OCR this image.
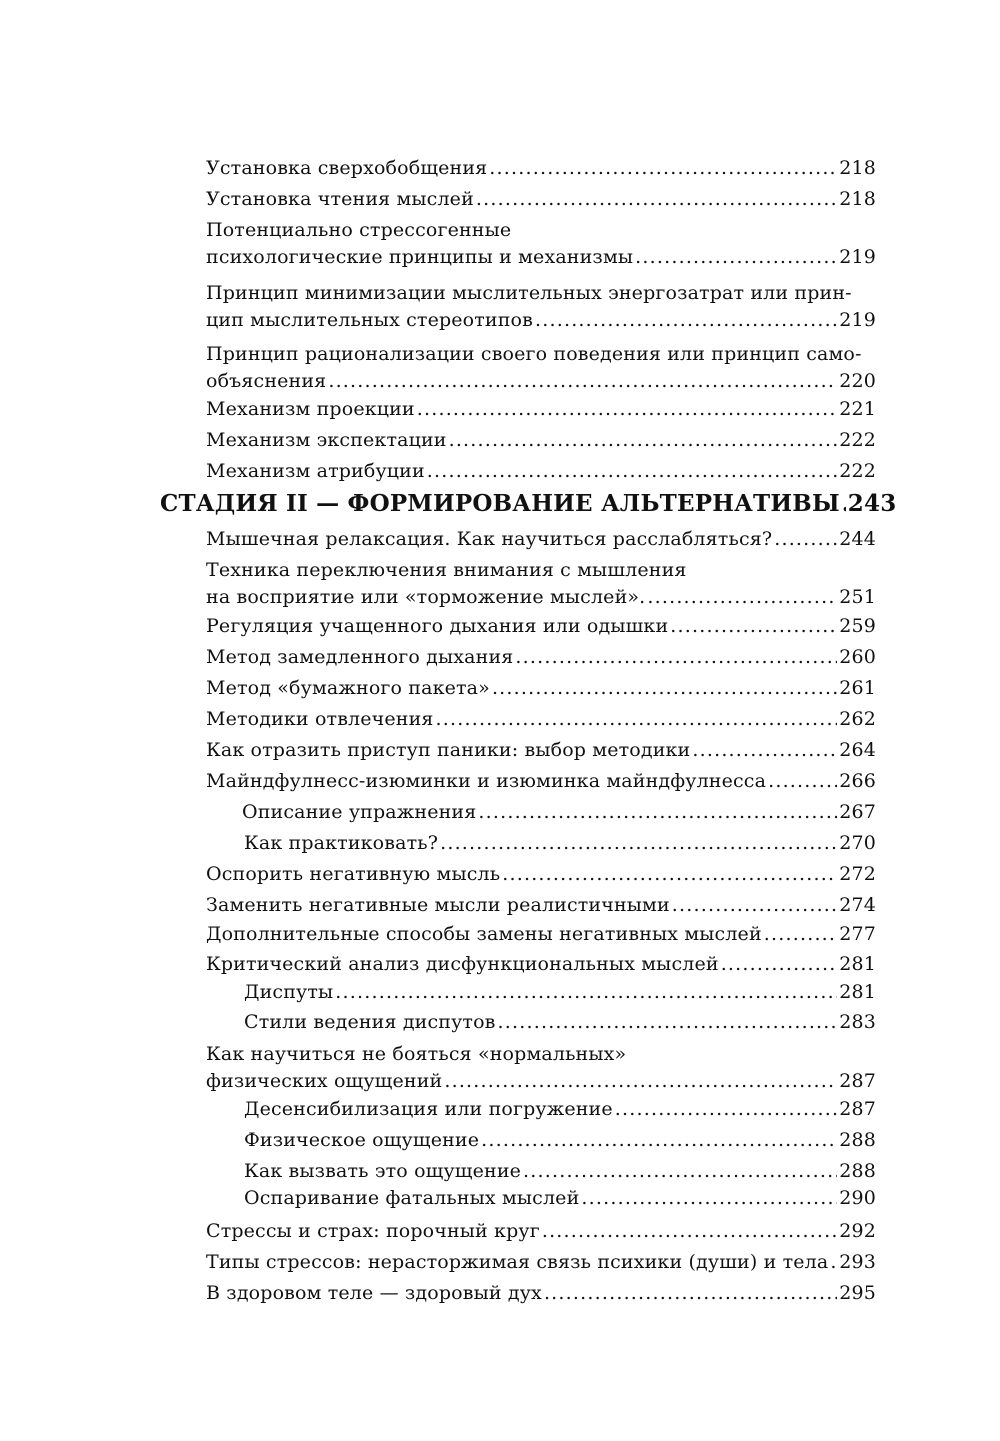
Установка сверхобобщения .....	218
Установка чтения мыслей .....	218
Потенциально стрессогенные
психологические принципы и механизмы .....	219
Принцип минимизации мыслительных энергозатрат или прин-
цип мыслительных стереотипов .....	219
Принцип рационализации своего поведения или принцип само-
объяснения .....	220
Механизм проекции .....	221
Механизм экспектации .....	222
Механизм атрибуции .....	222
СТАДИЯ II — ФОРМИРОВАНИЕ АЛЬТЕРНАТИВЫ ..... 243
Мышечная релаксация. Как научиться расслабляться? .....	244
Техника переключения внимания с мышления
на восприятие или «торможение мыслей». .....	251
Регуляция учащенного дыхания или одышки .....	259
Метод замедленного дыхания .....	260
Метод «бумажного пакета» .....	261
Методики отвлечения .....	262
Как отразить приступ паники: выбор методики .....	264
Майндфулнесс-изюминки и изюминка майндфулнесса .....	266
Описание упражнения .....	267
Как практиковать? .....	270
Оспорить негативную мысль .....	272
Заменить негативные мысли реалистичными .....	274
Дополнительные способы замены негативных мыслей .....	277
Критический анализ дисфункциональных мыслей .....	281
Диспуты .....	281
Стили ведения диспутов .....	283
Как научиться не бояться «нормальных»
физических ощущений .....	287
Десенсибилизация или погружение .....	287
Физическое ощущение .....	288
Как вызвать это ощущение .....	288
Оспаривание фатальных мыслей .....	290
Стрессы и страх: порочный круг .....	292
Типы стрессов: нерасторжимая связь психики (души) и тела ..... 293
В здоровом теле — здоровый дух .....	295
